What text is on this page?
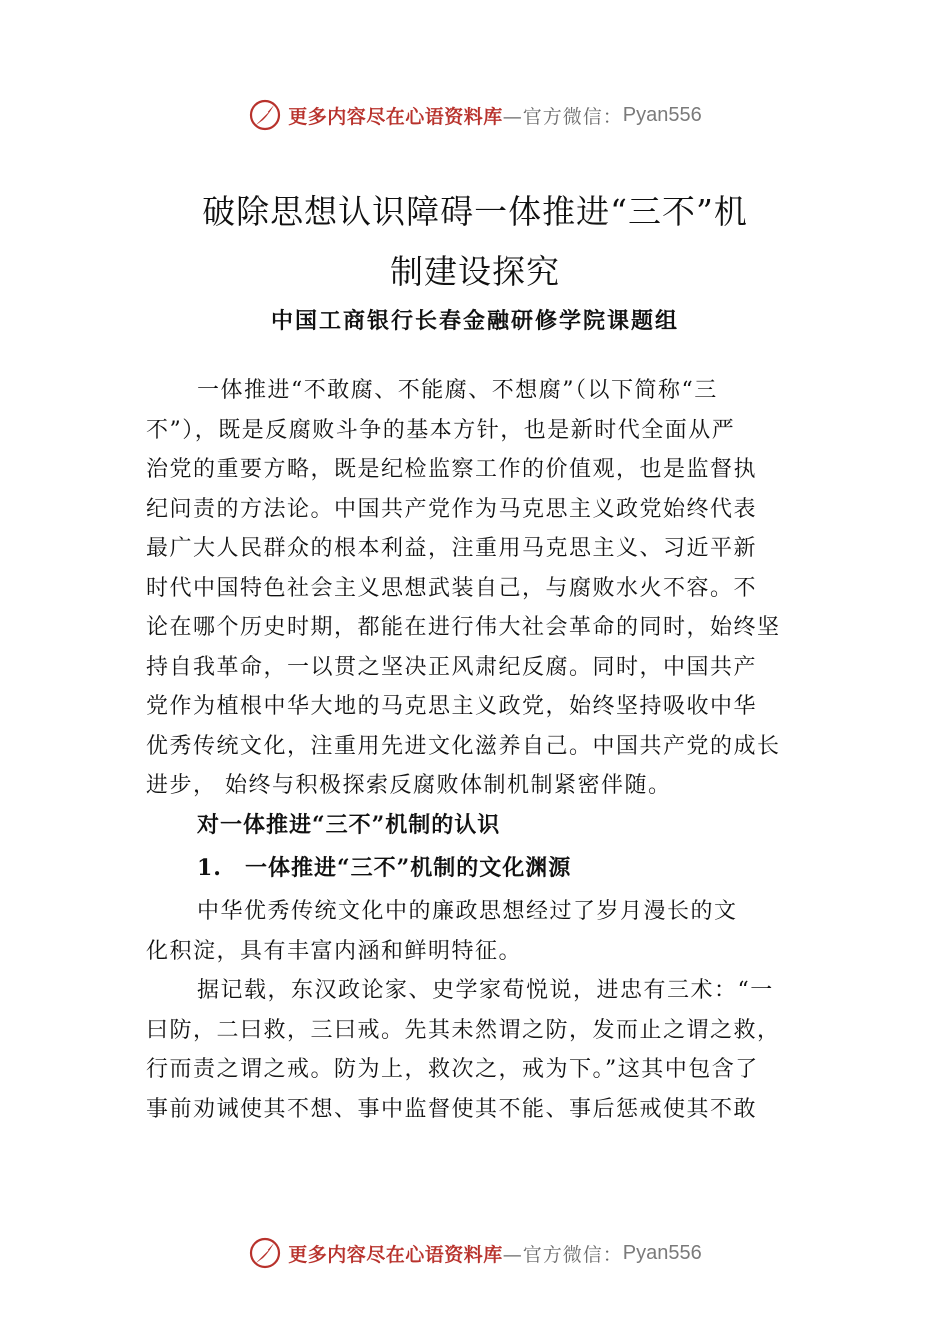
更多内容尽在心语资料库 —官方微信： Pyan556
破除思想认识障碍一体推进“三不”机
制建设探究
中国工商银行长春金融研修学院课题组
一体推进“不敢腐、不能腐、不想腐”（以下简称“三
不”），既是反腐败斗争的基本方针，也是新时代全面从严
治党的重要方略，既是纪检监察工作的价值观，也是监督执
纪问责的方法论。中国共产党作为马克思主义政党始终代表
最广大人民群众的根本利益，注重用马克思主义、习近平新
时代中国特色社会主义思想武装自己，与腐败水火不容。不
论在哪个历史时期，都能在进行伟大社会革命的同时，始终坚
持自我革命，一以贯之坚决正风肃纪反腐。同时，中国共产
党作为植根中华大地的马克思主义政党，始终坚持吸收中华
优秀传统文化，注重用先进文化滋养自己。中国共产党的成长
进步， 始终与积极探索反腐败体制机制紧密伴随。
对一体推进“三不”机制的认识
1. 一体推进“三不”机制的文化渊源
中华优秀传统文化中的廉政思想经过了岁月漫长的文
化积淀，具有丰富内涵和鲜明特征。
据记载，东汉政论家、史学家荀悦说，进忠有三术：“一
曰防，二曰救，三曰戒。先其未然谓之防，发而止之谓之救，
行而责之谓之戒。防为上，救次之，戒为下。”这其中包含了
事前劝诫使其不想、事中监督使其不能、事后惩戒使其不敢
更多内容尽在心语资料库 —官方微信： Pyan556
